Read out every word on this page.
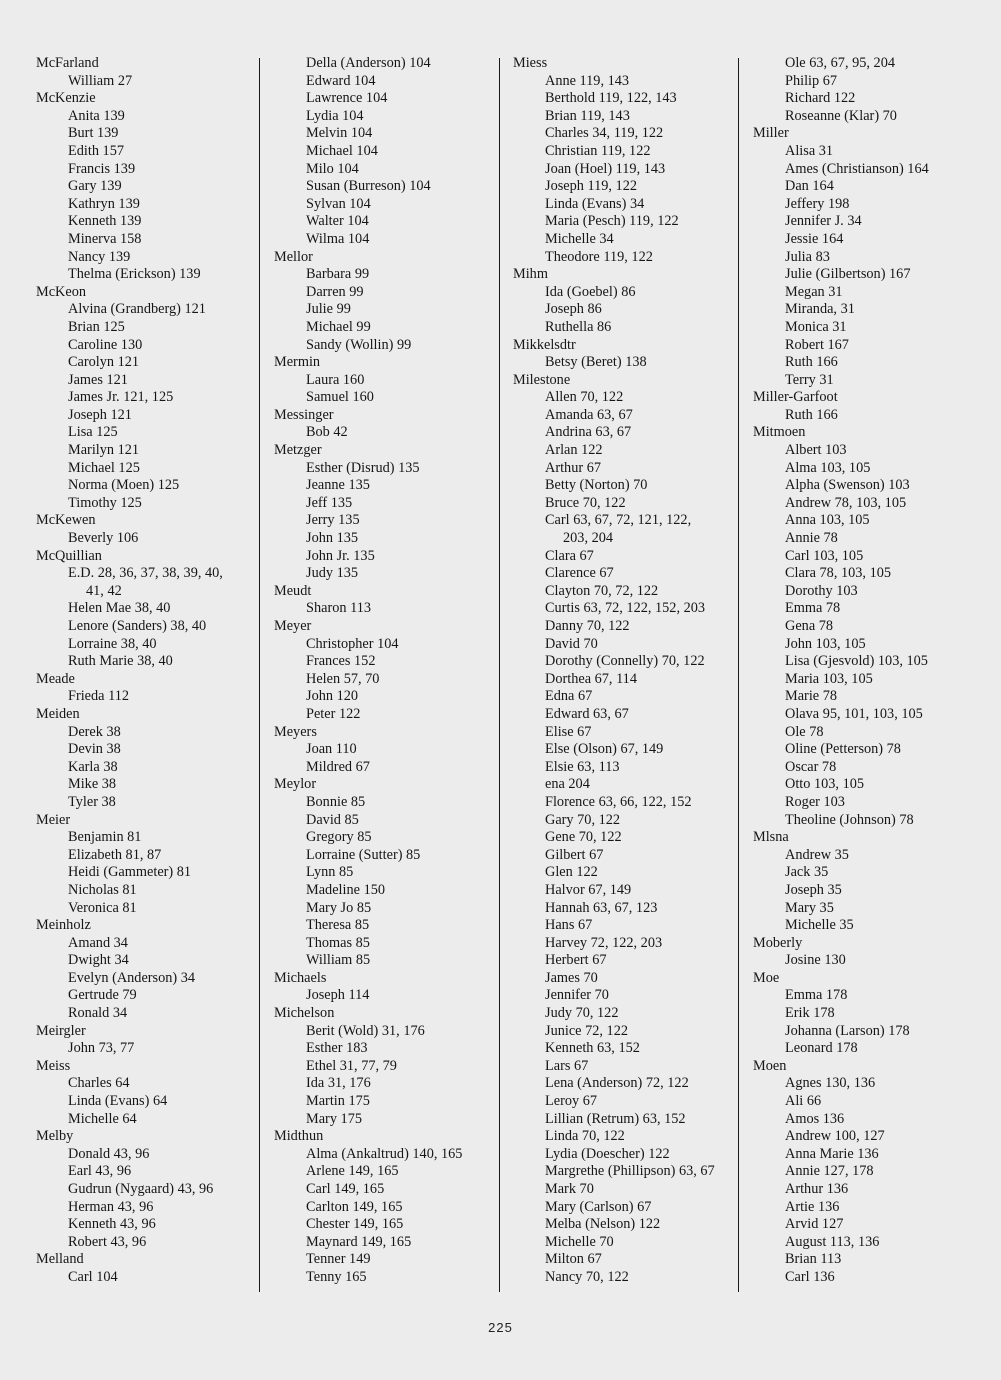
McFarland
William 27
McKenzie
Anita 139
Burt 139
Edith 157
Francis 139
Gary 139
Kathryn 139
Kenneth 139
Minerva 158
Nancy 139
Thelma (Erickson) 139
McKeon
Alvina (Grandberg) 121
Brian 125
Caroline 130
Carolyn 121
James 121
James Jr. 121, 125
Joseph 121
Lisa 125
Marilyn 121
Michael 125
Norma (Moen) 125
Timothy 125
McKewen
Beverly 106
McQuillian
E.D. 28, 36, 37, 38, 39, 40,
41, 42
Helen Mae 38, 40
Lenore (Sanders) 38, 40
Lorraine 38, 40
Ruth Marie 38, 40
Meade
Frieda 112
Meiden
Derek 38
Devin 38
Karla 38
Mike 38
Tyler 38
Meier
Benjamin 81
Elizabeth 81, 87
Heidi (Gammeter) 81
Nicholas 81
Veronica 81
Meinholz
Amand 34
Dwight 34
Evelyn (Anderson) 34
Gertrude 79
Ronald 34
Meirgler
John 73, 77
Meiss
Charles 64
Linda (Evans) 64
Michelle 64
Melby
Donald 43, 96
Earl 43, 96
Gudrun (Nygaard) 43, 96
Herman 43, 96
Kenneth 43, 96
Robert 43, 96
Melland
Carl 104
Della (Anderson) 104
Edward 104
Lawrence 104
Lydia 104
Melvin 104
Michael 104
Milo 104
Susan (Burreson) 104
Sylvan 104
Walter 104
Wilma 104
Mellor
Barbara 99
Darren 99
Julie 99
Michael 99
Sandy (Wollin) 99
Mermin
Laura 160
Samuel 160
Messinger
Bob 42
Metzger
Esther (Disrud) 135
Jeanne 135
Jeff 135
Jerry 135
John 135
John Jr. 135
Judy 135
Meudt
Sharon 113
Meyer
Christopher 104
Frances 152
Helen 57, 70
John 120
Peter 122
Meyers
Joan 110
Mildred 67
Meylor
Bonnie 85
David 85
Gregory 85
Lorraine (Sutter) 85
Lynn 85
Madeline 150
Mary Jo 85
Theresa 85
Thomas 85
William 85
Michaels
Joseph 114
Michelson
Berit (Wold) 31, 176
Esther 183
Ethel 31, 77, 79
Ida 31, 176
Martin 175
Mary 175
Midthun
Alma (Ankaltrud) 140, 165
Arlene 149, 165
Carl 149, 165
Carlton 149, 165
Chester 149, 165
Maynard 149, 165
Tenner 149
Tenny 165
Miess
Anne 119, 143
Berthold 119, 122, 143
Brian 119, 143
Charles 34, 119, 122
Christian 119, 122
Joan (Hoel) 119, 143
Joseph 119, 122
Linda (Evans) 34
Maria (Pesch) 119, 122
Michelle 34
Theodore 119, 122
Mihm
Ida (Goebel) 86
Joseph 86
Ruthella 86
Mikkelsdtr
Betsy (Beret) 138
Milestone
Allen 70, 122
Amanda 63, 67
Andrina 63, 67
Arlan 122
Arthur 67
Betty (Norton) 70
Bruce 70, 122
Carl 63, 67, 72, 121, 122,
203, 204
Clara 67
Clarence 67
Clayton 70, 72, 122
Curtis 63, 72, 122, 152, 203
Danny 70, 122
David 70
Dorothy (Connelly) 70, 122
Dorthea 67, 114
Edna 67
Edward 63, 67
Elise 67
Else (Olson) 67, 149
Elsie 63, 113
ena 204
Florence 63, 66, 122, 152
Gary 70, 122
Gene 70, 122
Gilbert 67
Glen 122
Halvor 67, 149
Hannah 63, 67, 123
Hans 67
Harvey 72, 122, 203
Herbert 67
James 70
Jennifer 70
Judy 70, 122
Junice 72, 122
Kenneth 63, 152
Lars 67
Lena (Anderson) 72, 122
Leroy 67
Lillian (Retrum) 63, 152
Linda 70, 122
Lydia (Doescher) 122
Margrethe (Phillipson) 63, 67
Mark 70
Mary (Carlson) 67
Melba (Nelson) 122
Michelle 70
Milton 67
Nancy 70, 122
Ole 63, 67, 95, 204
Philip 67
Richard 122
Roseanne (Klar) 70
Miller
Alisa 31
Ames (Christianson) 164
Dan 164
Jeffery 198
Jennifer J. 34
Jessie 164
Julia 83
Julie (Gilbertson) 167
Megan 31
Miranda, 31
Monica 31
Robert 167
Ruth 166
Terry 31
Miller-Garfoot
Ruth 166
Mitmoen
Albert 103
Alma 103, 105
Alpha (Swenson) 103
Andrew 78, 103, 105
Anna 103, 105
Annie 78
Carl 103, 105
Clara 78, 103, 105
Dorothy 103
Emma 78
Gena 78
John 103, 105
Lisa (Gjesvold) 103, 105
Maria 103, 105
Marie 78
Olava 95, 101, 103, 105
Ole 78
Oline (Petterson) 78
Oscar 78
Otto 103, 105
Roger 103
Theoline (Johnson) 78
Mlsna
Andrew 35
Jack 35
Joseph 35
Mary 35
Michelle 35
Moberly
Josine 130
Moe
Emma 178
Erik 178
Johanna (Larson) 178
Leonard 178
Moen
Agnes 130, 136
Ali 66
Amos 136
Andrew 100, 127
Anna Marie 136
Annie 127, 178
Arthur 136
Artie 136
Arvid 127
August 113, 136
Brian 113
Carl 136
225
